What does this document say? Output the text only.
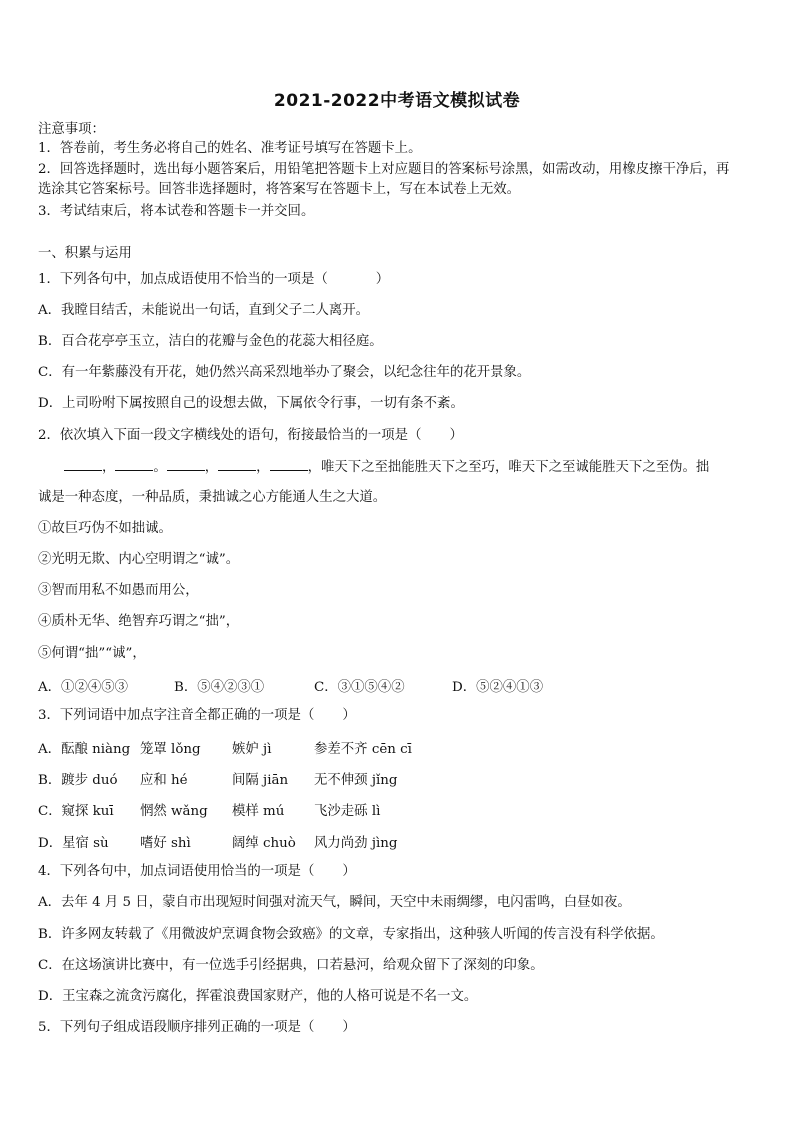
2021-2022中考语文模拟试卷
注意事项：
1．答卷前，考生务必将自己的姓名、准考证号填写在答题卡上。
2．回答选择题时，选出每小题答案后，用铅笔把答题卡上对应题目的答案标号涂黑，如需改动，用橡皮擦干净后，再
选涂其它答案标号。回答非选择题时，将答案写在答题卡上，写在本试卷上无效。
3．考试结束后，将本试卷和答题卡一并交回。
一、积累与运用
1．下列各句中，加点成语使用不恰当的一项是（	）
A．我瞠目结舌，未能说出一句话，直到父子二人离开。
B．百合花亭亭玉立，洁白的花瓣与金色的花蕊大相径庭。
C．有一年紫藤没有开花，她仍然兴高采烈地举办了聚会，以纪念往年的花开景象。
D．上司吩咐下属按照自己的设想去做，下属依令行事，一切有条不紊。
2．依次填入下面一段文字横线处的语句，衔接最恰当的一项是（ ）
，	。	，	，	，唯天下之至拙能胜天下之至巧，唯天下之至诚能胜天下之至伪。拙
诚是一种态度，一种品质，秉拙诚之心方能通人生之大道。
①故巨巧伪不如拙诚。
②光明无欺、内心空明谓之“诚”。
③智而用私不如愚而用公，
④质朴无华、绝智弃巧谓之“拙”，
⑤何谓“拙”“诚”，
A．①②④⑤③	B．⑤④②③①	C．③①⑤④②	D．⑤②④①③
3．下列词语中加点字注音全都正确的一项是（ ）
A．酝酿 niàng 笼罩 lǒng 嫉妒 jì	参差不齐 cēn cī
B．踱步 duó 应和 hé	间隔 jiān 无不伸颈 jǐng
C．窥探 kuī 惘然 wǎng 模样 mú 飞沙走砾 lì
D．星宿 sù 嗜好 shì	阔绰 chuò 风力尚劲 jìng
4．下列各句中，加点词语使用恰当的一项是（ ）
A．去年 4 月 5 日，蒙自市出现短时间强对流天气，瞬间，天空中未雨绸缪，电闪雷鸣，白昼如夜。
B．许多网友转载了《用微波炉烹调食物会致癌》的文章，专家指出，这种骇人听闻的传言没有科学依据。
C．在这场演讲比赛中，有一位选手引经据典，口若悬河，给观众留下了深刻的印象。
D．王宝森之流贪污腐化，挥霍浪费国家财产，他的人格可说是不名一文。
5．下列句子组成语段顺序排列正确的一项是（ ）
